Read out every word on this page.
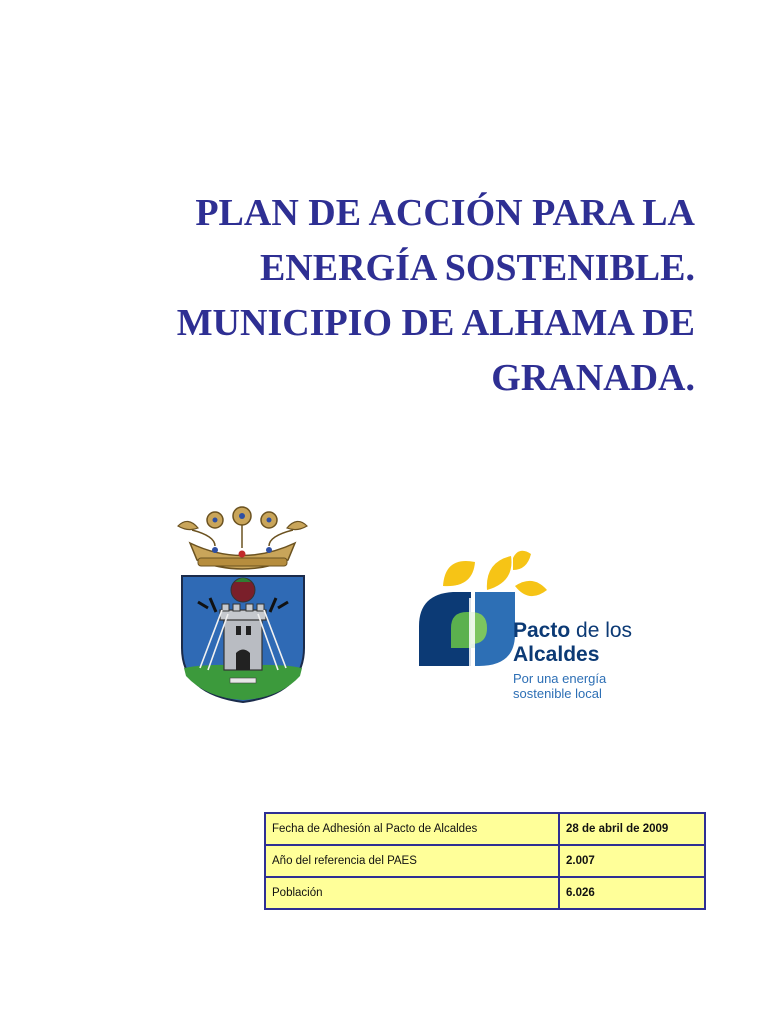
PLAN DE ACCIÓN PARA LA
ENERGÍA SOSTENIBLE.
MUNICIPIO DE ALHAMA DE
GRANADA.
Pacto de los
Alcaldes
Por una energía
sostenible local
Fecha de Adhesión al Pacto de Alcaldes	28 de abril de 2009
Año del referencia del PAES	2.007
Población	6.026
